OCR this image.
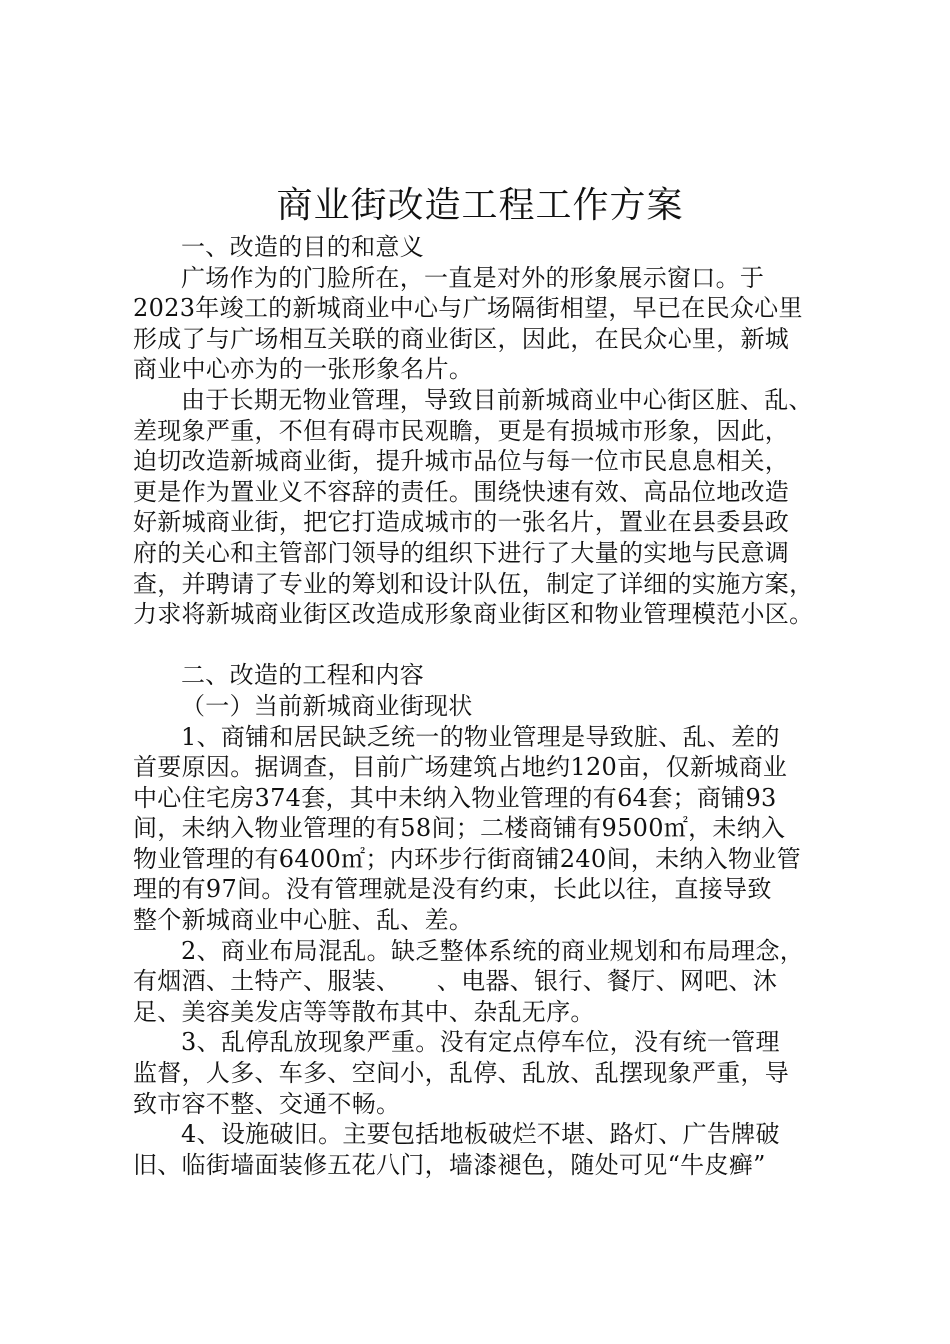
商业街改造工程工作方案

一、改造的目的和意义

广场作为的门脸所在，一直是对外的形象展示窗口。于

2023年竣工的新城商业中心与广场隔街相望，早已在民众心里

形成了与广场相互关联的商业街区，因此，在民众心里，新城

商业中心亦为的一张形象名片。

由于长期无物业管理，导致目前新城商业中心街区脏、乱、

差现象严重，不但有碍市民观瞻，更是有损城市形象，因此，

迫切改造新城商业街，提升城市品位与每一位市民息息相关，

更是作为置业义不容辞的责任。围绕快速有效、高品位地改造

好新城商业街，把它打造成城市的一张名片，置业在县委县政

府的关心和主管部门领导的组织下进行了大量的实地与民意调

查，并聘请了专业的筹划和设计队伍，制定了详细的实施方案，

力求将新城商业街区改造成形象商业街区和物业管理模范小区。

二、改造的工程和内容

（一）当前新城商业街现状

1、商铺和居民缺乏统一的物业管理是导致脏、乱、差的

首要原因。据调查，目前广场建筑占地约120亩，仅新城商业

中心住宅房374套，其中未纳入物业管理的有64套；商铺93

间，未纳入物业管理的有58间；二楼商铺有9500㎡，未纳入

物业管理的有6400㎡；内环步行街商铺240间，未纳入物业管

理的有97间。没有管理就是没有约束，长此以往，直接导致

整个新城商业中心脏、乱、差。

2、商业布局混乱。缺乏整体系统的商业规划和布局理念，

有烟酒、土特产、服装、　　、电器、银行、餐厅、网吧、沐

足、美容美发店等等散布其中、杂乱无序。

3、乱停乱放现象严重。没有定点停车位，没有统一管理

监督，人多、车多、空间小，乱停、乱放、乱摆现象严重，导

致市容不整、交通不畅。

4、设施破旧。主要包括地板破烂不堪、路灯、广告牌破

旧、临街墙面装修五花八门，墙漆褪色，随处可见“牛皮癣”
